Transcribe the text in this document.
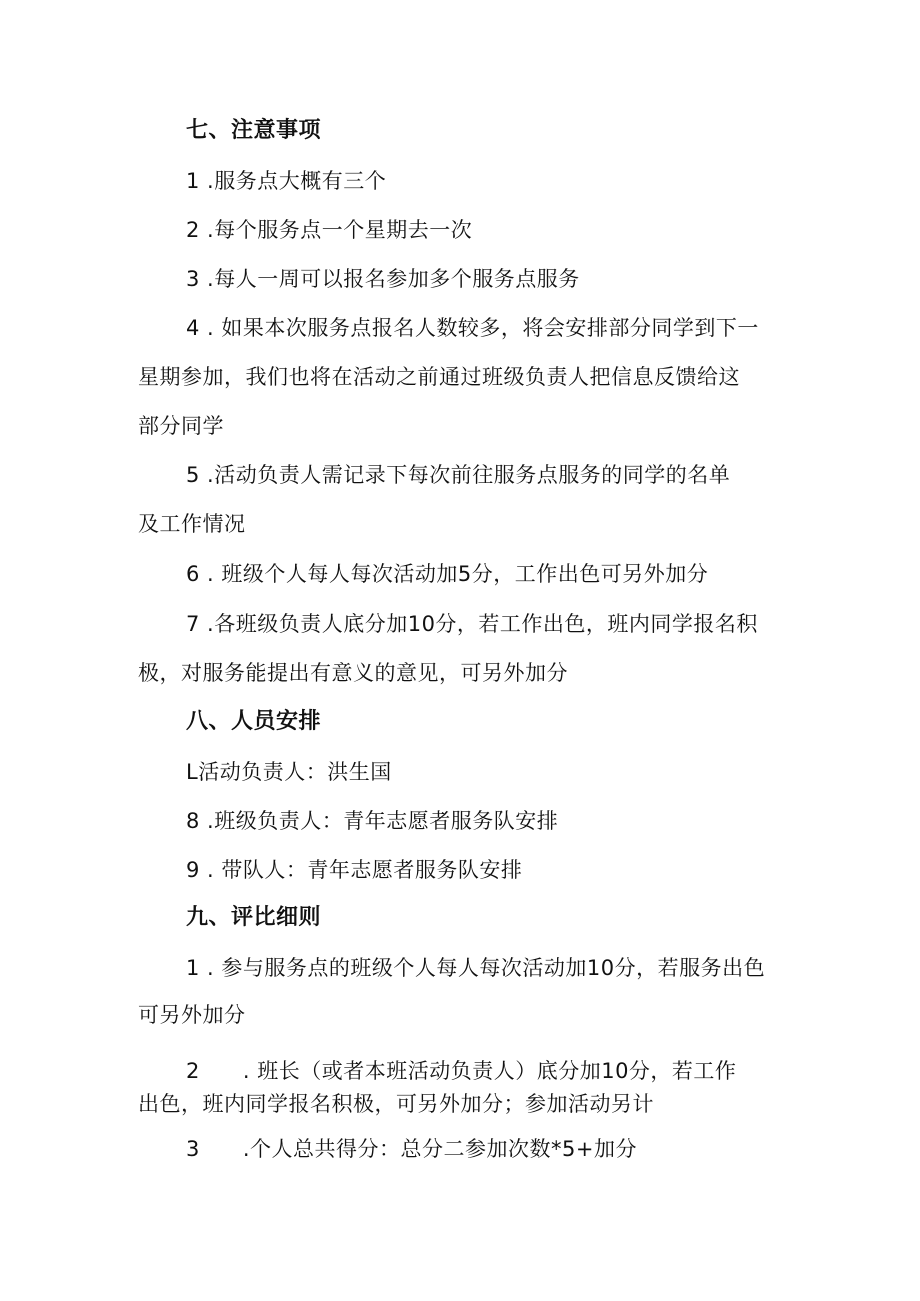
七、注意事项
1 .服务点大概有三个
2 .每个服务点一个星期去一次
3 .每人一周可以报名参加多个服务点服务
4 . 如果本次服务点报名人数较多，将会安排部分同学到下一
星期参加，我们也将在活动之前通过班级负责人把信息反馈给这
部分同学
5 .活动负责人需记录下每次前往服务点服务的同学的名单
及工作情况
6 . 班级个人每人每次活动加5分，工作出色可另外加分
7 .各班级负责人底分加10分，若工作出色，班内同学报名积
极，对服务能提出有意义的意见，可另外加分
八、人员安排
L活动负责人：洪生国
8 .班级负责人：青年志愿者服务队安排
9 . 带队人：青年志愿者服务队安排
九、评比细则
1 . 参与服务点的班级个人每人每次活动加10分，若服务出色
可另外加分
2　　. 班长（或者本班活动负责人）底分加10分，若工作
出色，班内同学报名积极，可另外加分；参加活动另计
3　　.个人总共得分：总分二参加次数*5+加分
